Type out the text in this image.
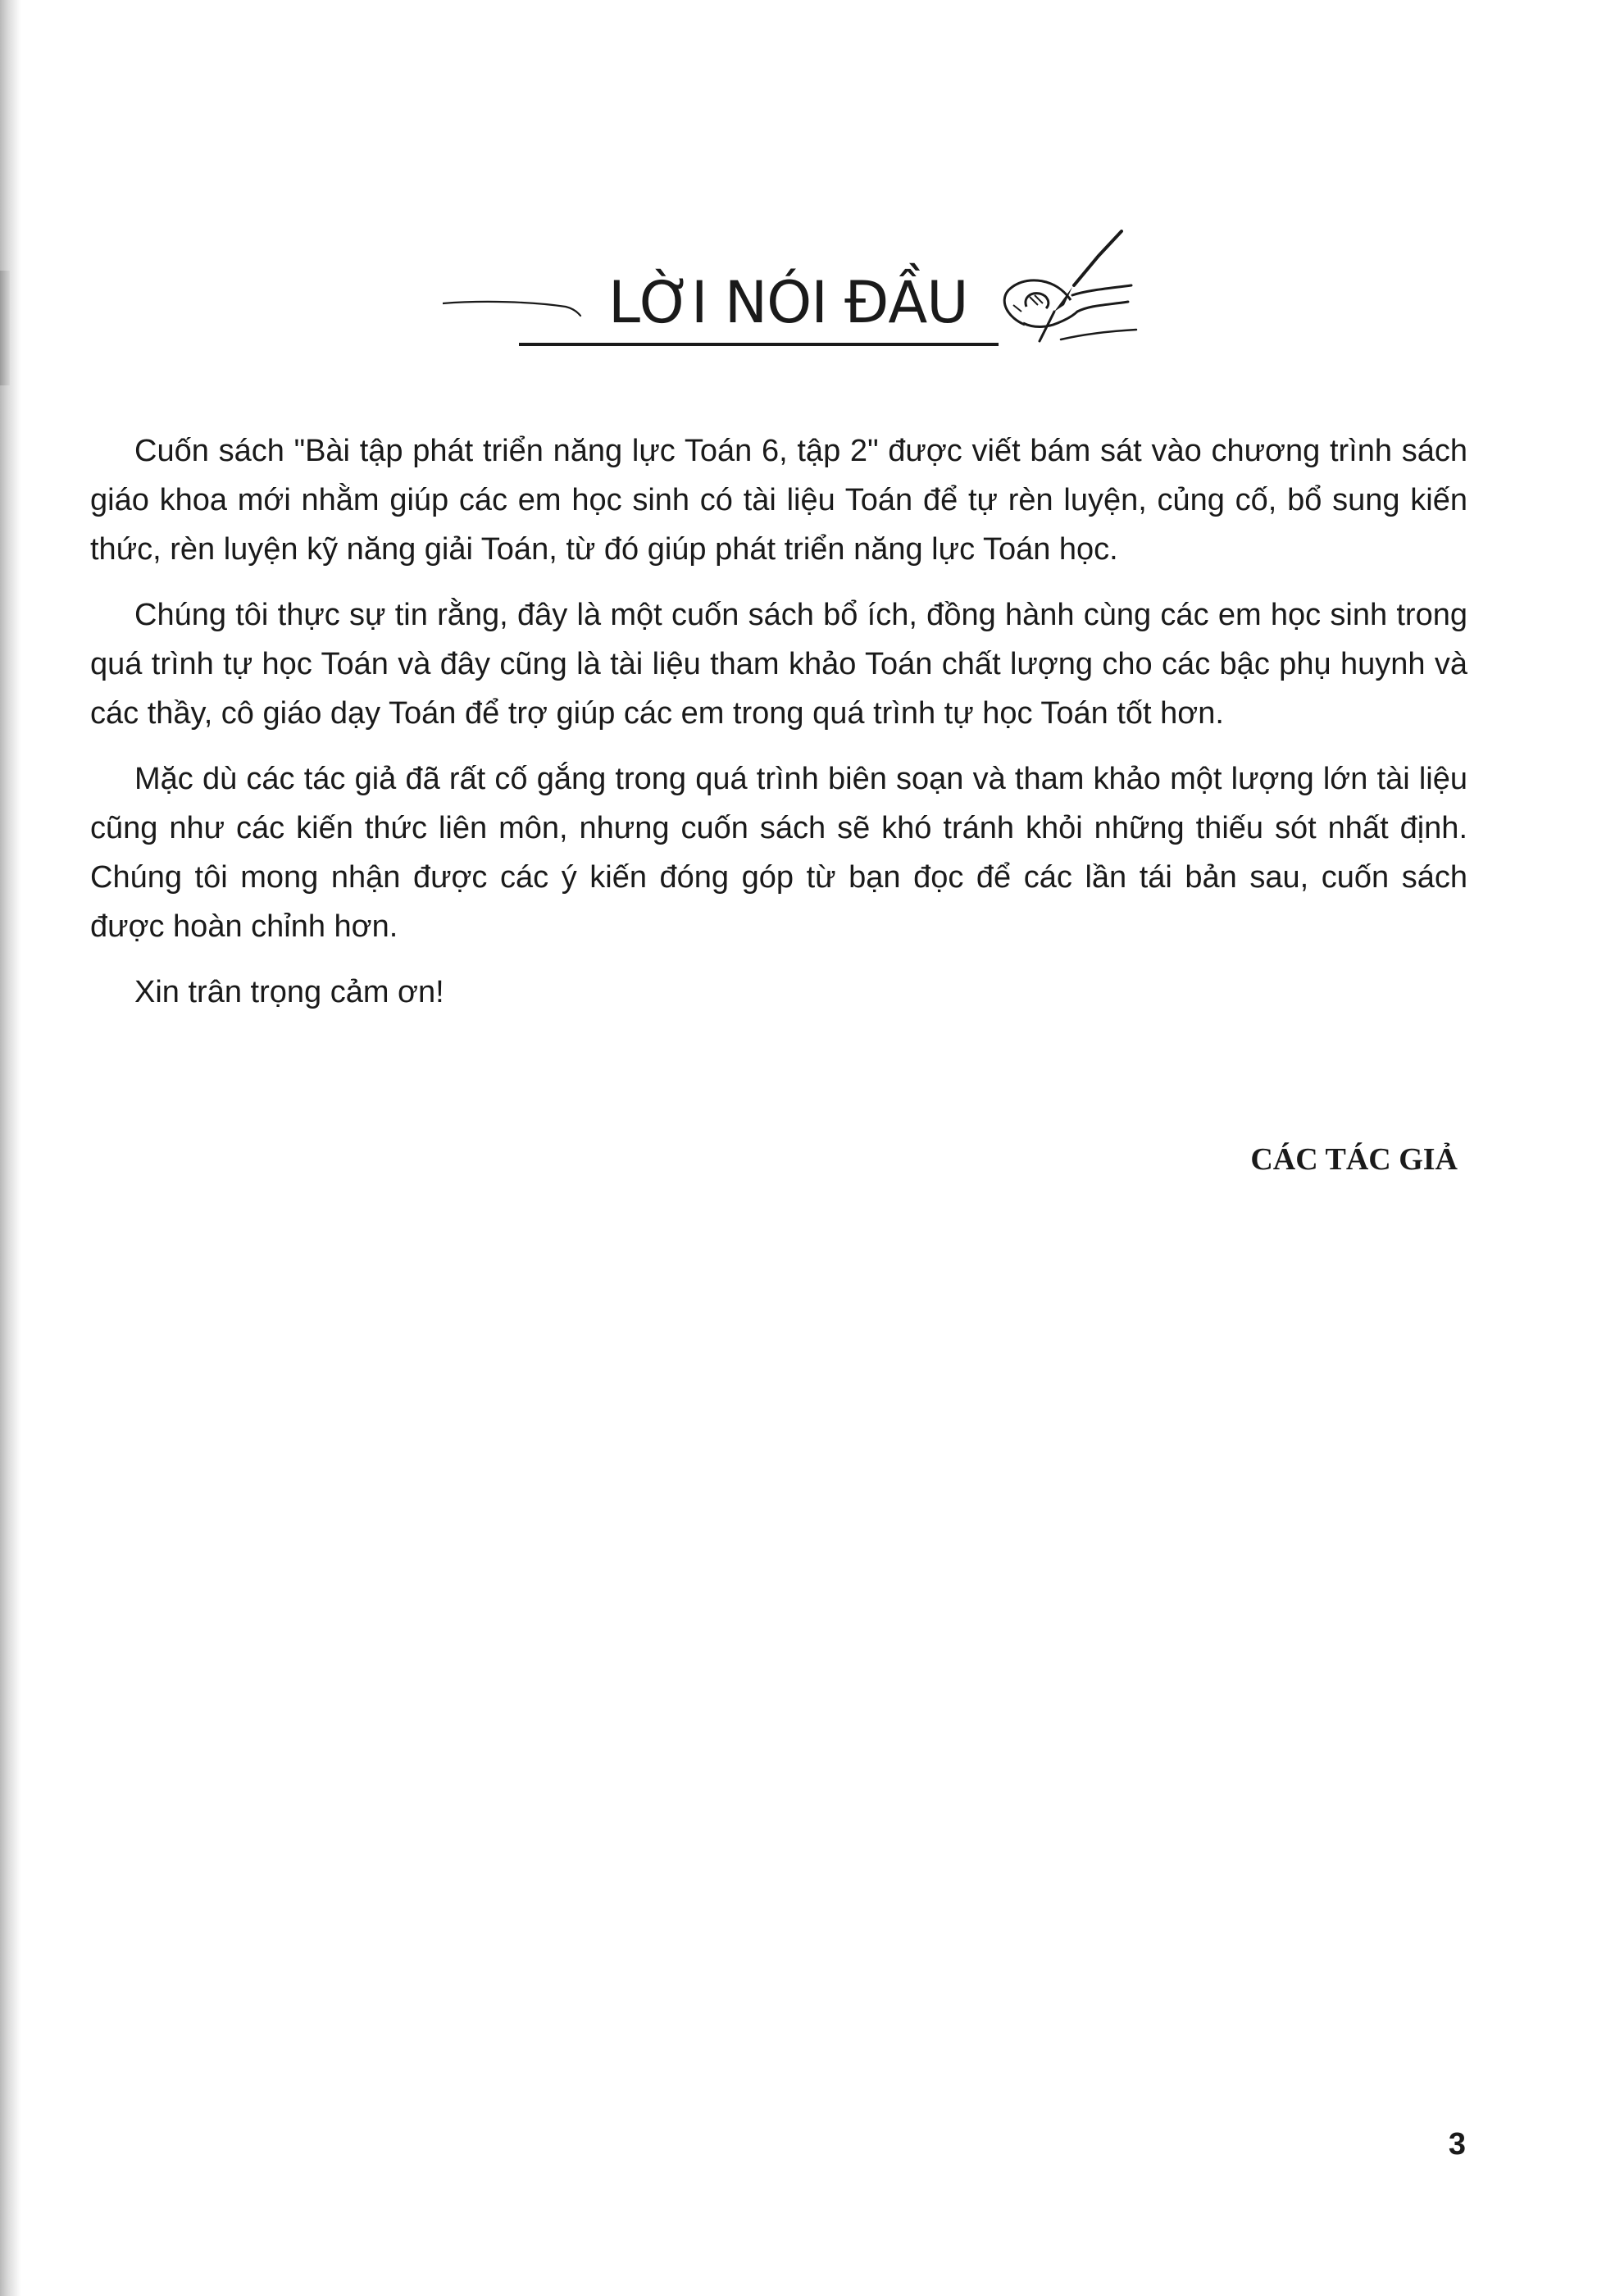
LỜI NÓI ĐẦU

Cuốn sách "Bài tập phát triển năng lực Toán 6, tập 2" được viết bám sát vào chương trình sách giáo khoa mới nhằm giúp các em học sinh có tài liệu Toán để tự rèn luyện, củng cố, bổ sung kiến thức, rèn luyện kỹ năng giải Toán, từ đó giúp phát triển năng lực Toán học.

Chúng tôi thực sự tin rằng, đây là một cuốn sách bổ ích, đồng hành cùng các em học sinh trong quá trình tự học Toán và đây cũng là tài liệu tham khảo Toán chất lượng cho các bậc phụ huynh và các thầy, cô giáo dạy Toán để trợ giúp các em trong quá trình tự học Toán tốt hơn.

Mặc dù các tác giả đã rất cố gắng trong quá trình biên soạn và tham khảo một lượng lớn tài liệu cũng như các kiến thức liên môn, nhưng cuốn sách sẽ khó tránh khỏi những thiếu sót nhất định. Chúng tôi mong nhận được các ý kiến đóng góp từ bạn đọc để các lần tái bản sau, cuốn sách được hoàn chỉnh hơn.

Xin trân trọng cảm ơn!

CÁC TÁC GIẢ
3
